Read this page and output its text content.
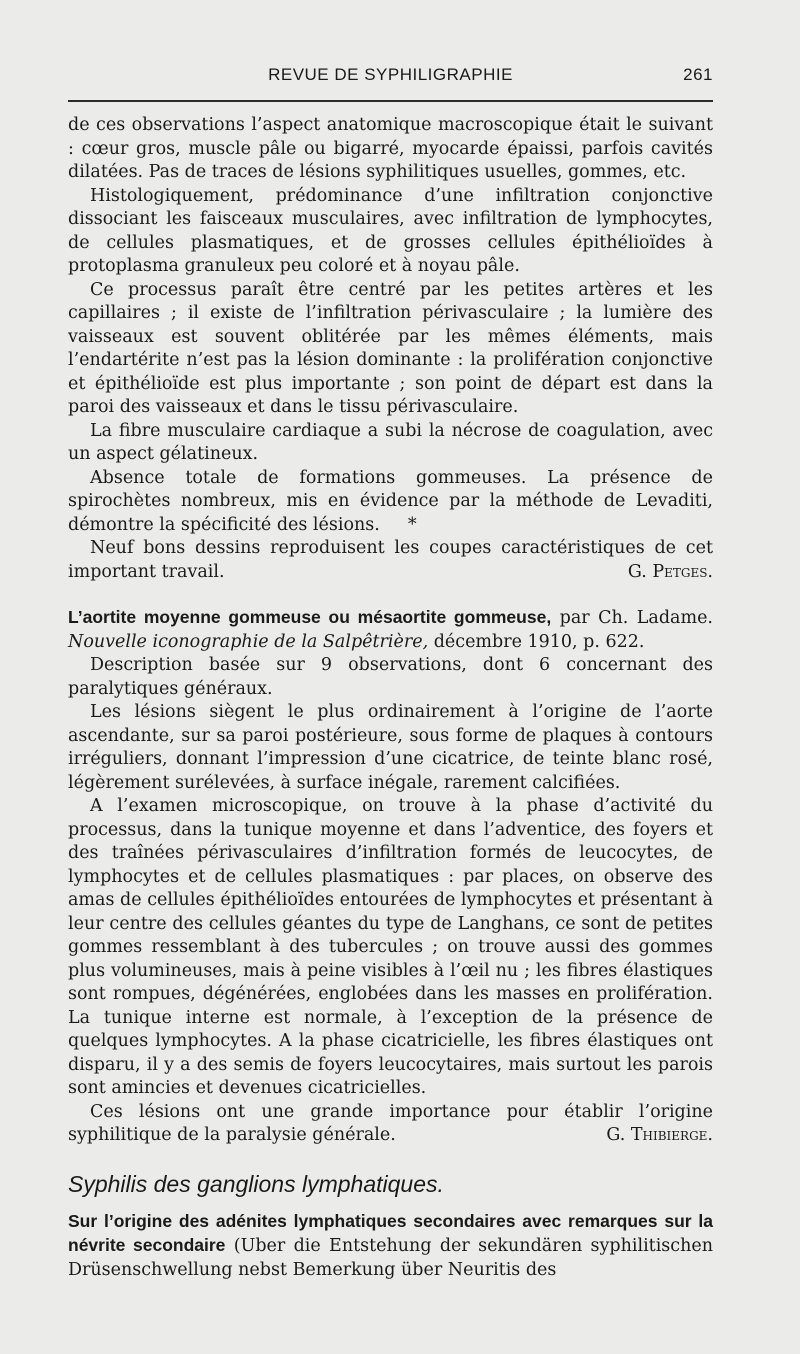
REVUE DE SYPHILIGRAPHIE	261

de ces observations l’aspect anatomique macroscopique était le suivant : cœur gros, muscle pâle ou bigarré, myocarde épaissi, parfois cavités dilatées. Pas de traces de lésions syphilitiques usuelles, gommes, etc.

Histologiquement, prédominance d’une infiltration conjonctive dissociant les faisceaux musculaires, avec infiltration de lymphocytes, de cellules plasmatiques, et de grosses cellules épithélioïdes à protoplasma granuleux peu coloré et à noyau pâle.

Ce processus paraît être centré par les petites artères et les capillaires ; il existe de l’infiltration périvasculaire ; la lumière des vaisseaux est souvent oblitérée par les mêmes éléments, mais l’endartérite n’est pas la lésion dominante : la prolifération conjonctive et épithélioïde est plus importante ; son point de départ est dans la paroi des vaisseaux et dans le tissu périvasculaire.

La fibre musculaire cardiaque a subi la nécrose de coagulation, avec un aspect gélatineux.

Absence totale de formations gommeuses. La présence de spirochètes nombreux, mis en évidence par la méthode de Levaditi, démontre la spécificité des lésions. *

Neuf bons dessins reproduisent les coupes caractéristiques de cet important travail.	G. Petges.

L’aortite moyenne gommeuse ou mésaortite gommeuse, par Ch. Ladame. Nouvelle iconographie de la Salpêtrière, décembre 1910, p. 622.

Description basée sur 9 observations, dont 6 concernant des paralytiques généraux.

Les lésions siègent le plus ordinairement à l’origine de l’aorte ascendante, sur sa paroi postérieure, sous forme de plaques à contours irréguliers, donnant l’impression d’une cicatrice, de teinte blanc rosé, légèrement surélevées, à surface inégale, rarement calcifiées.

A l’examen microscopique, on trouve à la phase d’activité du processus, dans la tunique moyenne et dans l’adventice, des foyers et des traînées périvasculaires d’infiltration formés de leucocytes, de lymphocytes et de cellules plasmatiques : par places, on observe des amas de cellules épithélioïdes entourées de lymphocytes et présentant à leur centre des cellules géantes du type de Langhans, ce sont de petites gommes ressemblant à des tubercules ; on trouve aussi des gommes plus volumineuses, mais à peine visibles à l’œil nu ; les fibres élastiques sont rompues, dégénérées, englobées dans les masses en prolifération. La tunique interne est normale, à l’exception de la présence de quelques lymphocytes. A la phase cicatricielle, les fibres élastiques ont disparu, il y a des semis de foyers leucocytaires, mais surtout les parois sont amincies et devenues cicatricielles.

Ces lésions ont une grande importance pour établir l’origine syphilitique de la paralysie générale.	G. Thibierge.

Syphilis des ganglions lymphatiques.
Sur l’origine des adénites lymphatiques secondaires avec remarques sur la névrite secondaire (Uber die Entstehung der sekundären syphilitischen Drüsenschwellung nebst Bemerkung über Neuritis des
